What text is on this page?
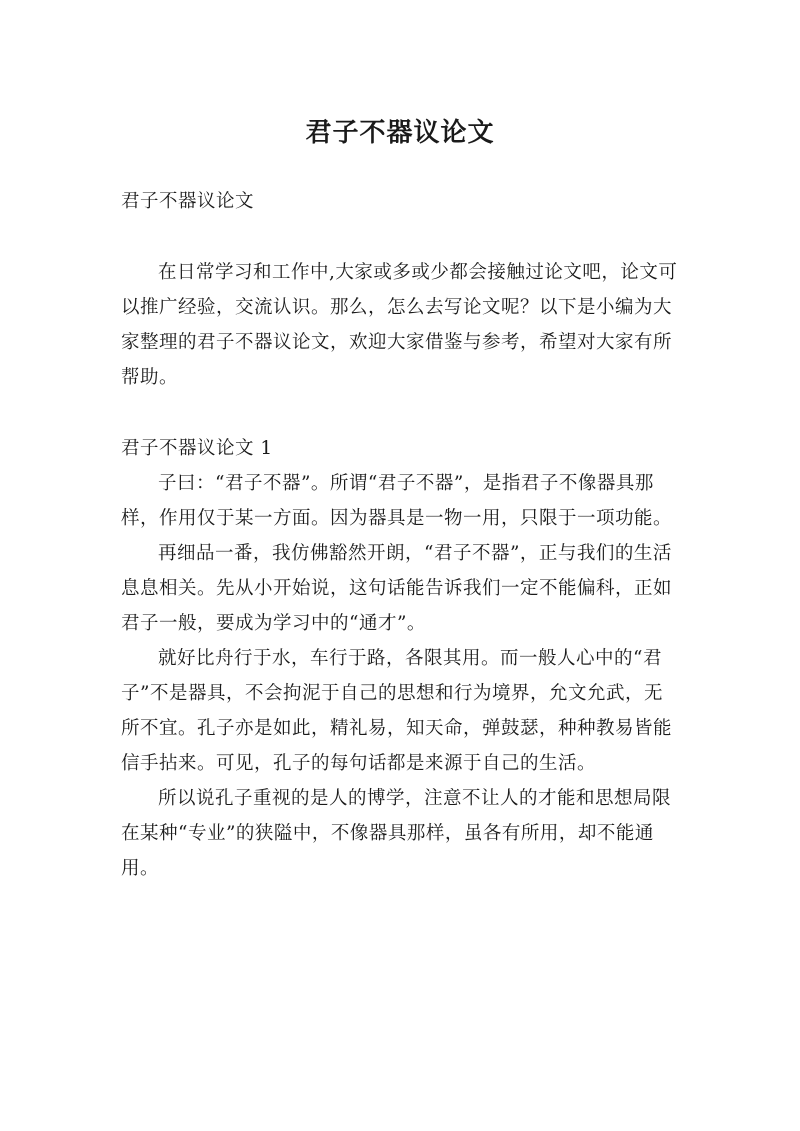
君子不器议论文

君子不器议论文

在日常学习和工作中,大家或多或少都会接触过论文吧，论文可以推广经验，交流认识。那么，怎么去写论文呢？以下是小编为大家整理的君子不器议论文，欢迎大家借鉴与参考，希望对大家有所帮助。

君子不器议论文 1

子曰：“君子不器”。所谓“君子不器”，是指君子不像器具那样，作用仅于某一方面。因为器具是一物一用，只限于一项功能。

再细品一番，我仿佛豁然开朗，“君子不器”，正与我们的生活息息相关。先从小开始说，这句话能告诉我们一定不能偏科，正如君子一般，要成为学习中的“通才”。

就好比舟行于水，车行于路，各限其用。而一般人心中的“君子”不是器具，不会拘泥于自己的思想和行为境界，允文允武，无所不宜。孔子亦是如此，精礼易，知天命，弹鼓瑟，种种教易皆能信手拈来。可见，孔子的每句话都是来源于自己的生活。

所以说孔子重视的是人的博学，注意不让人的才能和思想局限在某种“专业”的狭隘中，不像器具那样，虽各有所用，却不能通用。
